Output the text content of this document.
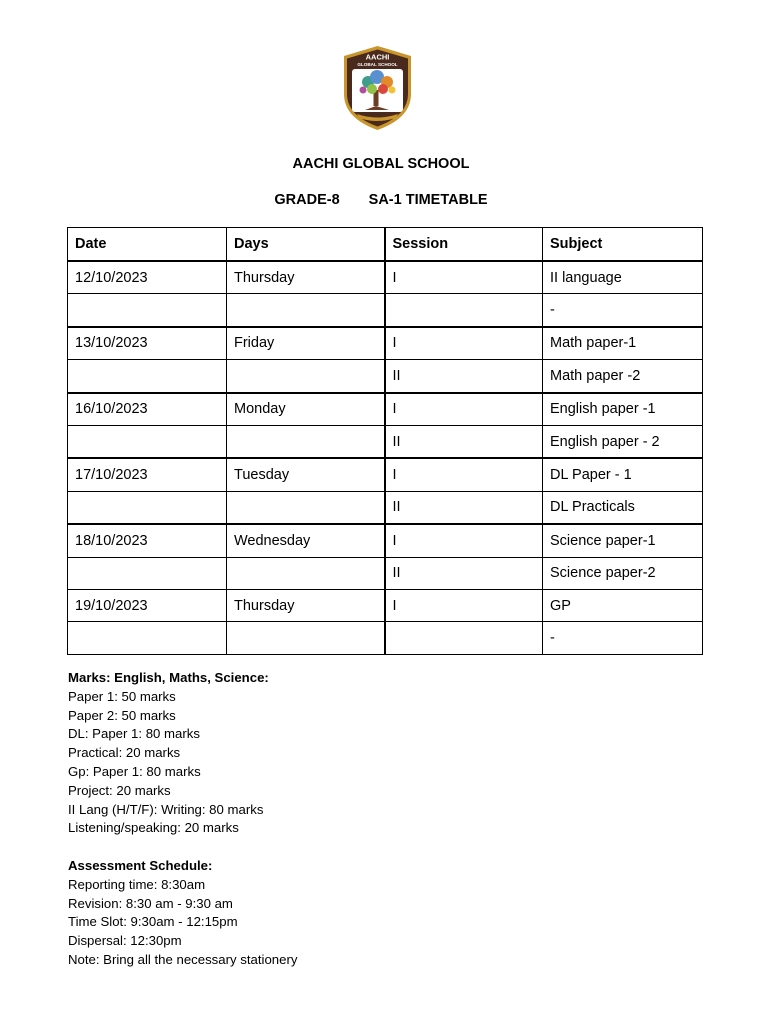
AACHI
GLOBAL SCHOOL
AACHI GLOBAL SCHOOL
GRADE-8 SA-1 TIMETABLE
Date	Days	Session	Subject
12/10/2023	Thursday	I	II language
			-
13/10/2023	Friday	I	Math paper-1
		II	Math paper -2
16/10/2023	Monday	I	English paper -1
		II	English paper - 2
17/10/2023	Tuesday	I	DL Paper - 1
		II	DL Practicals
18/10/2023	Wednesday	I	Science paper-1
		II	Science paper-2
19/10/2023	Thursday	I	GP
			-
Marks: English, Maths, Science:
Paper 1: 50 marks
Paper 2: 50 marks
DL: Paper 1: 80 marks
Practical: 20 marks
Gp: Paper 1: 80 marks
Project: 20 marks
II Lang (H/T/F): Writing: 80 marks
Listening/speaking: 20 marks
Assessment Schedule:
Reporting time: 8:30am
Revision: 8:30 am - 9:30 am
Time Slot: 9:30am - 12:15pm
Dispersal: 12:30pm
Note: Bring all the necessary stationery
